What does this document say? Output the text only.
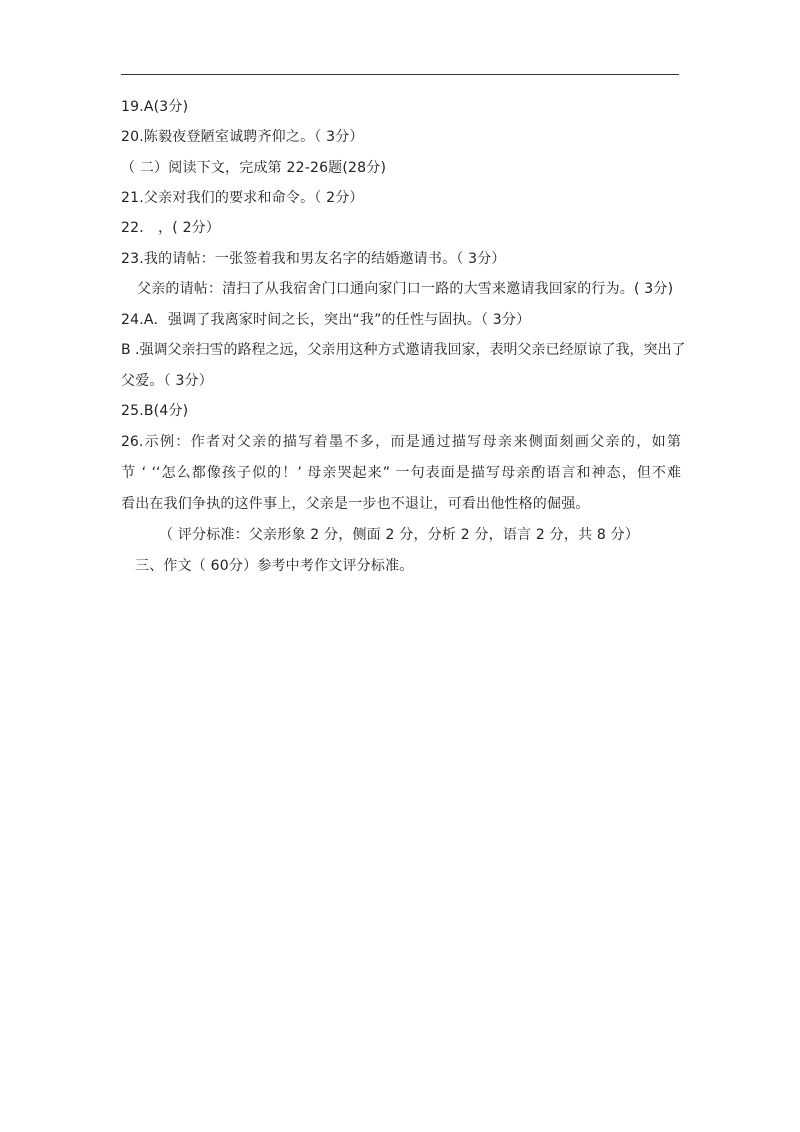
19.A(3分)
20.陈毅夜登陋室诚聘齐仰之。（ 3分）
（ 二）阅读下文，完成第 22-26题(28分)
21.父亲对我们的要求和命令。（ 2分）
22． ，( 2分）
23.我的请帖：一张签着我和男友名字的结婚邀请书。（ 3分）
父亲的请帖：清扫了从我宿舍门口通向家门口一路的大雪来邀请我回家的行为。( 3分)
24.A．强调了我离家时间之长，突出“我”的任性与固执。（ 3分）
B .强调父亲扫雪的路程之远，父亲用这种方式邀请我回家，表明父亲已经原谅了我，突出了
父爱。（ 3分）
25.B(4分)
26.示例：作者对父亲的描写着墨不多，而是通过描写母亲来侧面刻画父亲的，如第
节 ‘ ‘‘怎么都像孩子似的！’ 母亲哭起来” 一句表面是描写母亲酌语言和神态，但不难
看出在我们争执的这件事上，父亲是一步也不退让，可看出他性格的倔强。
（ 评分标准：父亲形象 2 分，侧面 2 分，分析 2 分，语言 2 分，共 8 分）
三、作文（ 60分）参考中考作文评分标准。
